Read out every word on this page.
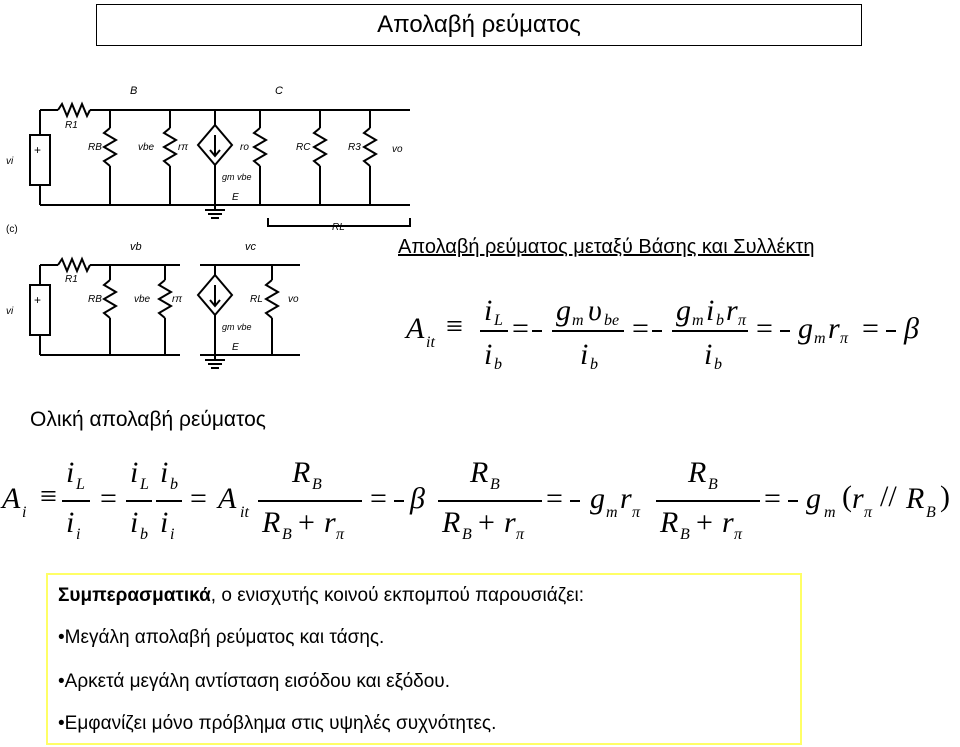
Απολαβή ρεύματος
+
B	C
R1
RB	vbe rπ	ro	RC	R3	vo
vi
gm vbe
E
RL
(c)
+
vb	vc
R1
RB	vbe rπ	RL	vo
vi
gm vbe
E
Απολαβή ρεύματος μεταξύ Βάσης και Συλλέκτη
Ολική απολαβή ρεύματος
A it ≡ i L
i b
=
g m υ be
i b
=
g m i b r π
i b
= g m r π = β
A i ≡
i L
i i
=
i L
i b
i b
i i
= A it
R B
R B + r π
= β
R B
R B + r π
= g m r π
R B
R B + r π
= g m ( r π // R B )
Συμπερασματικά, ο ενισχυτής κοινού εκπομπού παρουσιάζει:
•Μεγάλη απολαβή ρεύματος και τάσης.
•Αρκετά μεγάλη αντίσταση εισόδου και εξόδου.
•Εμφανίζει μόνο πρόβλημα στις υψηλές συχνότητες.
